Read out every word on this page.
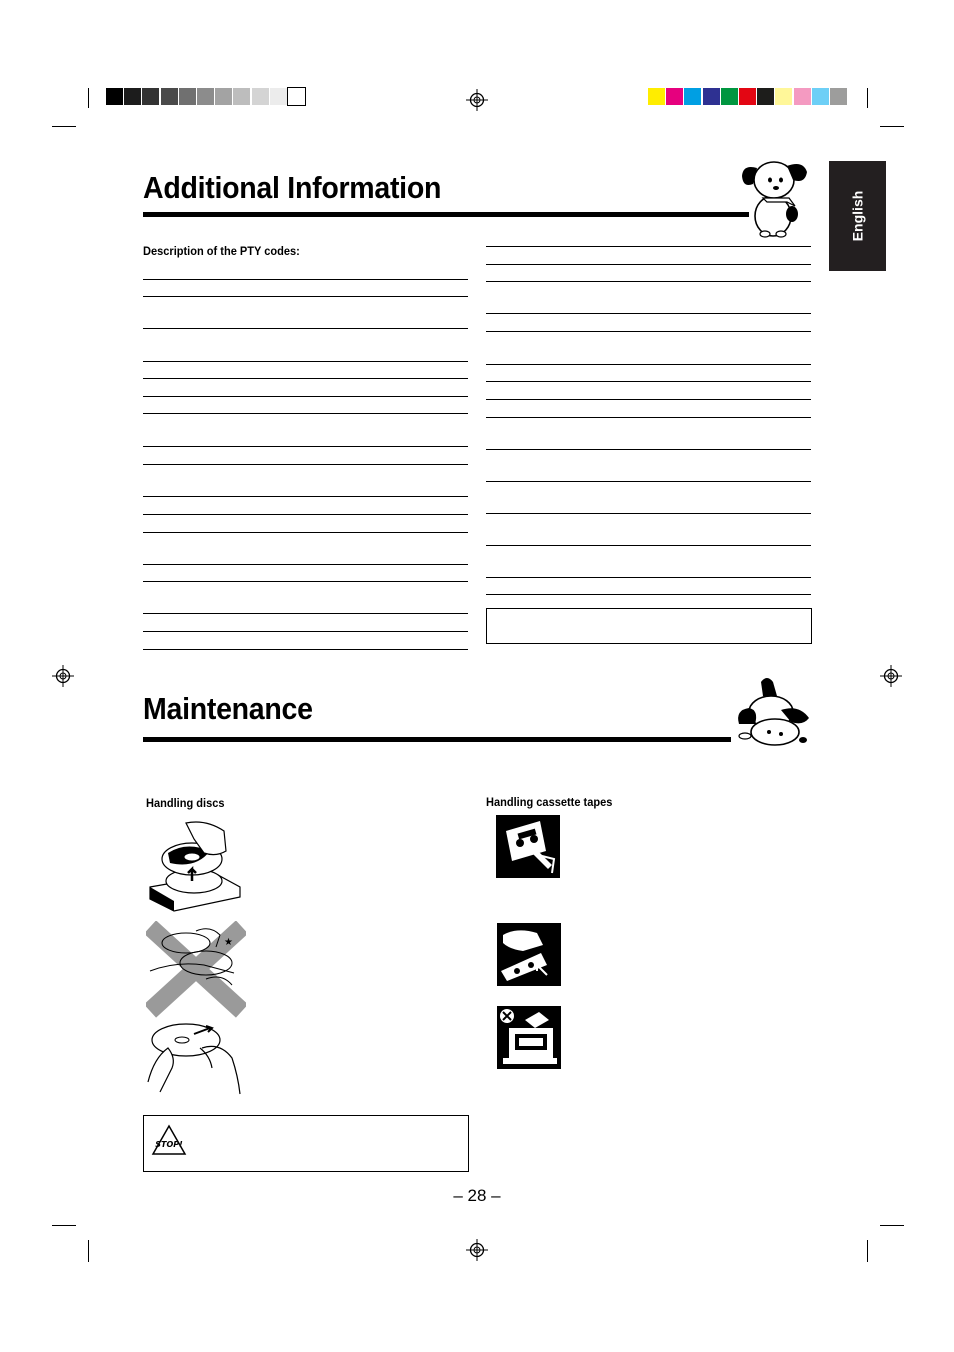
English
Additional Information
Description of the PTY codes:
Maintenance
Handling discs
★
STOP!
Handling cassette tapes
– 28 –
